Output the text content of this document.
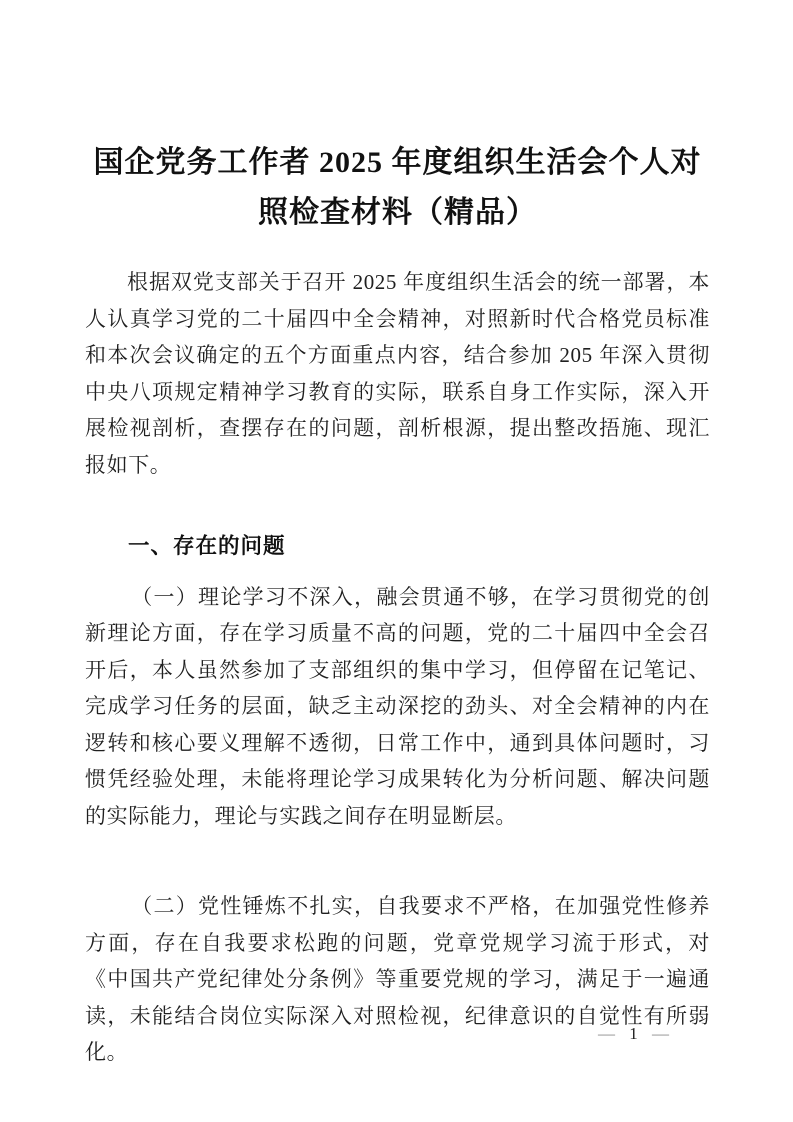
国企党务工作者 2025 年度组织生活会个人对
照检查材料（精品）

根据双党支部关于召开 2025 年度组织生活会的统一部署，本人认真学习党的二十届四中全会精神，对照新时代合格党员标准和本次会议确定的五个方面重点内容，结合参加 205 年深入贯彻中央八项规定精神学习教育的实际，联系自身工作实际，深入开展检视剖析，查摆存在的问题，剖析根源，提出整改捂施、现汇报如下。

一、存在的问题

（一）理论学习不深入，融会贯通不够，在学习贯彻党的创新理论方面，存在学习质量不高的问题，党的二十届四中全会召开后，本人虽然参加了支部组织的集中学习，但停留在记笔记、完成学习任务的层面，缺乏主动深挖的劲头、对全会精神的内在逻转和核心要义理解不透彻，日常工作中，通到具体问题时，习惯凭经验处理，未能将理论学习成果转化为分析问题、解决问题的实际能力，理论与实践之间存在明显断层。

（二）党性锤炼不扎实，自我要求不严格，在加强党性修养方面，存在自我要求松跑的问题，党章党规学习流于形式，对《中国共产党纪律处分条例》等重要党规的学习，满足于一遍通读，未能结合岗位实际深入对照检视，纪律意识的自觉性有所弱化。

— 1 —
